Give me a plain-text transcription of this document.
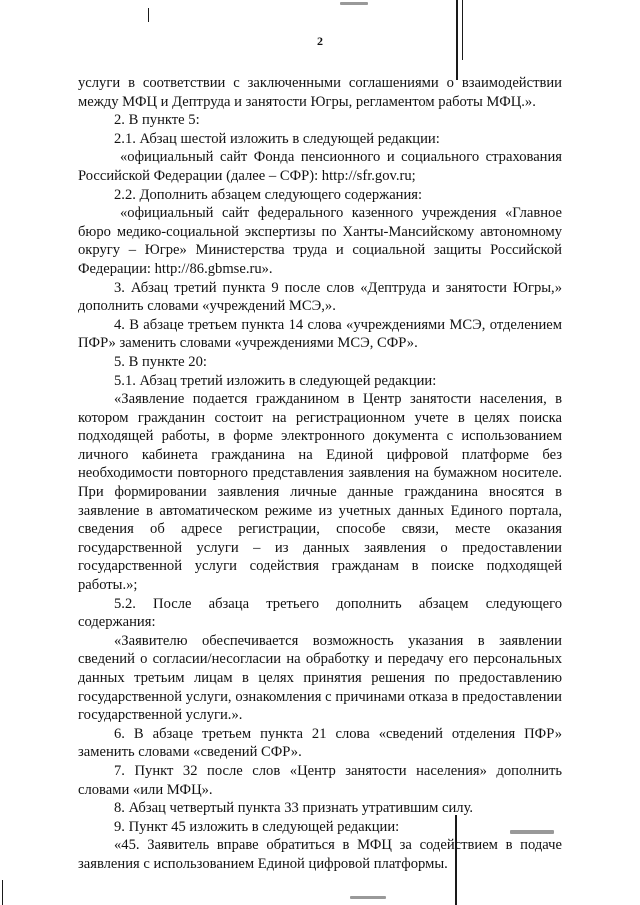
2

услуги в соответствии с заключенными соглашениями о взаимодействии между МФЦ и Дептруда и занятости Югры, регламентом работы МФЦ.».

2. В пункте 5:

2.1. Абзац шестой изложить в следующей редакции:

«официальный сайт Фонда пенсионного и социального страхования Российской Федерации (далее – СФР): http://sfr.gov.ru;

2.2. Дополнить абзацем следующего содержания:

«официальный сайт федерального казенного учреждения «Главное бюро медико-социальной экспертизы по Ханты-Мансийскому автономному округу – Югре» Министерства труда и социальной защиты Российской Федерации: http://86.gbmse.ru».

3. Абзац третий пункта 9 после слов «Дептруда и занятости Югры,» дополнить словами «учреждений МСЭ,».

4. В абзаце третьем пункта 14 слова «учреждениями МСЭ, отделением ПФР» заменить словами «учреждениями МСЭ, СФР».

5. В пункте 20:

5.1. Абзац третий изложить в следующей редакции:

«Заявление подается гражданином в Центр занятости населения, в котором гражданин состоит на регистрационном учете в целях поиска подходящей работы, в форме электронного документа с использованием личного кабинета гражданина на Единой цифровой платформе без необходимости повторного представления заявления на бумажном носителе. При формировании заявления личные данные гражданина вносятся в заявление в автоматическом режиме из учетных данных Единого портала, сведения об адресе регистрации, способе связи, месте оказания государственной услуги – из данных заявления о предоставлении государственной услуги содействия гражданам в поиске подходящей работы.»;

5.2. После абзаца третьего дополнить абзацем следующего содержания:

«Заявителю обеспечивается возможность указания в заявлении сведений о согласии/несогласии на обработку и передачу его персональных данных третьим лицам в целях принятия решения по предоставлению государственной услуги, ознакомления с причинами отказа в предоставлении государственной услуги.».

6. В абзаце третьем пункта 21 слова «сведений отделения ПФР» заменить словами «сведений СФР».

7. Пункт 32 после слов «Центр занятости населения» дополнить словами «или МФЦ».

8. Абзац четвертый пункта 33 признать утратившим силу.

9. Пункт 45 изложить в следующей редакции:

«45. Заявитель вправе обратиться в МФЦ за содействием в подаче заявления с использованием Единой цифровой платформы.
